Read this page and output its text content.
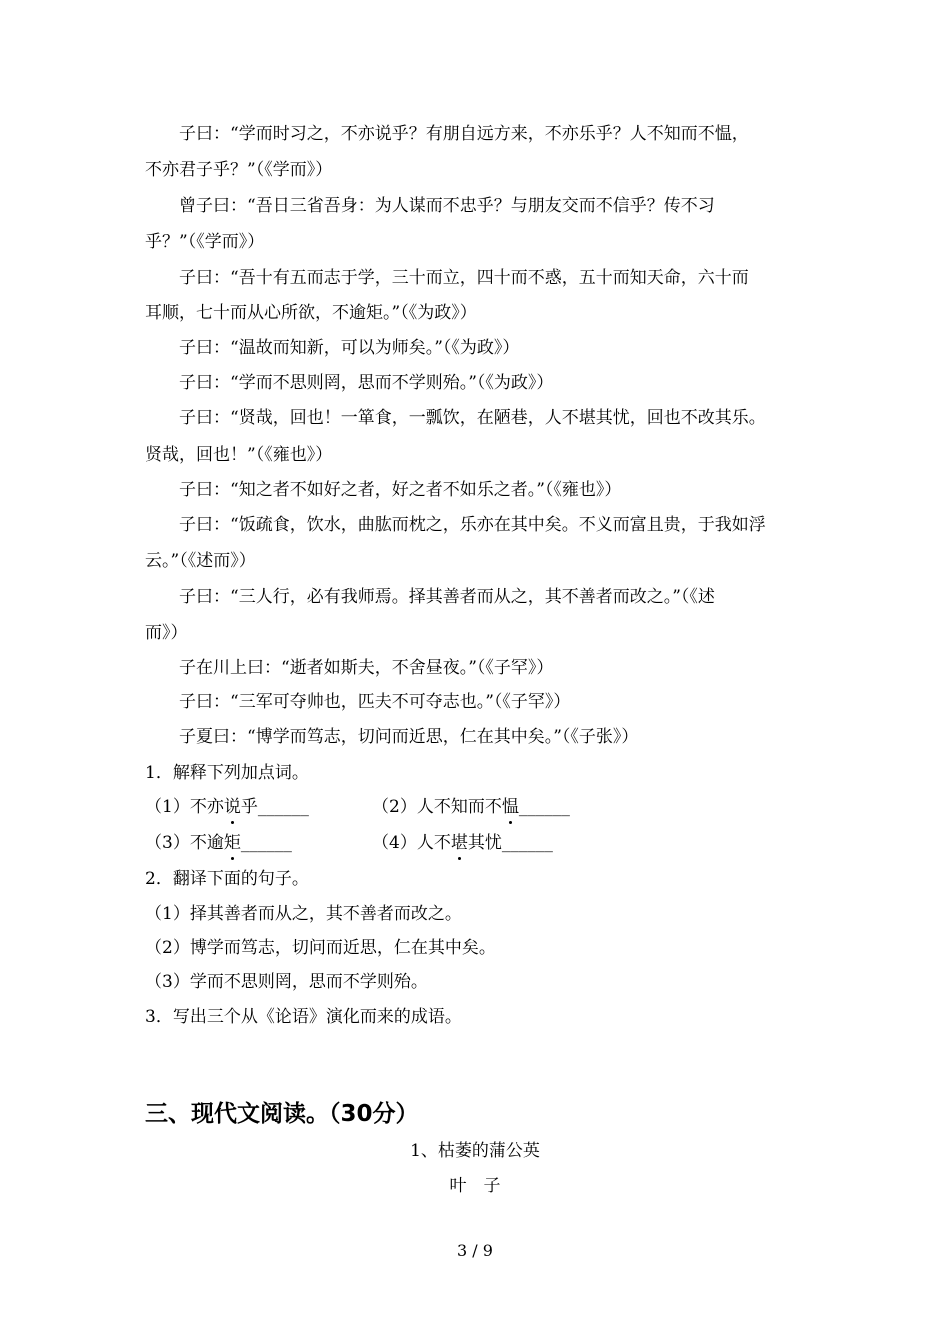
子曰：“学而时习之，不亦说乎？有朋自远方来，不亦乐乎？人不知而不愠，
不亦君子乎？”（《学而》）
曾子曰：“吾日三省吾身：为人谋而不忠乎？与朋友交而不信乎？传不习
乎？”（《学而》）
子曰：“吾十有五而志于学，三十而立，四十而不惑，五十而知天命，六十而
耳顺，七十而从心所欲，不逾矩。”（《为政》）
子曰：“温故而知新，可以为师矣。”（《为政》）
子曰：“学而不思则罔，思而不学则殆。”（《为政》）
子曰：“贤哉，回也！一箪食，一瓢饮，在陋巷，人不堪其忧，回也不改其乐。
贤哉，回也！”（《雍也》）
子曰：“知之者不如好之者，好之者不如乐之者。”（《雍也》）
子曰：“饭疏食，饮水，曲肱而枕之，乐亦在其中矣。不义而富且贵，于我如浮
云。”（《述而》）
子曰：“三人行，必有我师焉。择其善者而从之，其不善者而改之。”（《述
而》）
子在川上曰：“逝者如斯夫，不舍昼夜。”（《子罕》）
子曰：“三军可夺帅也，匹夫不可夺志也。”（《子罕》）
子夏曰：“博学而笃志，切问而近思，仁在其中矣。”（《子张》）
1．解释下列加点词。
（1）不亦说乎______	（2）人不知而不愠______
（3）不逾矩______	（4）人不堪其忧______
2．翻译下面的句子。
（1）择其善者而从之，其不善者而改之。
（2）博学而笃志，切问而近思，仁在其中矣。
（3）学而不思则罔，思而不学则殆。
3．写出三个从《论语》演化而来的成语。
三、现代文阅读。（30分）
1、枯萎的蒲公英
叶　子
3 / 9
